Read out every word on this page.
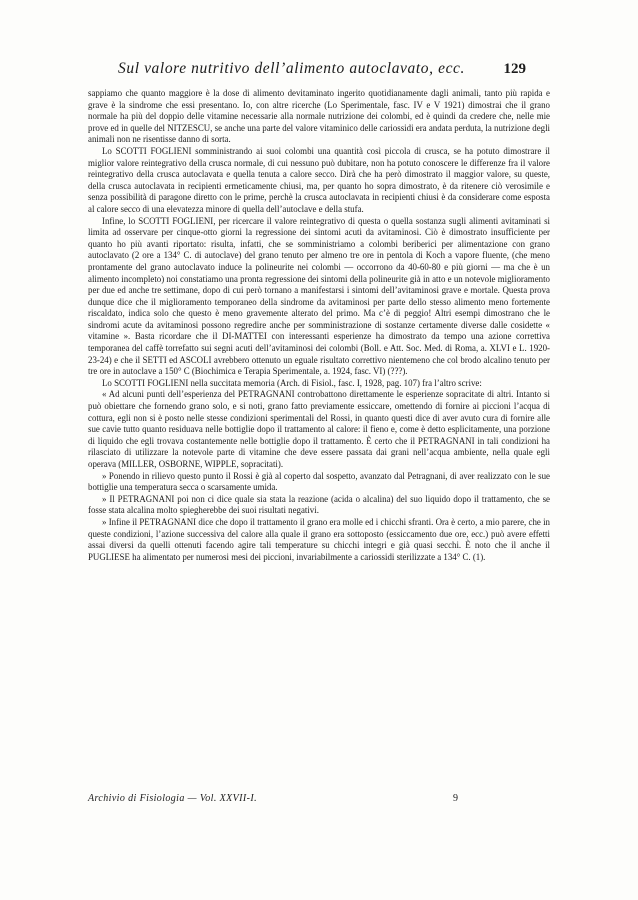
Sul valore nutritivo dell’alimento autoclavato, ecc.	129

sappiamo che quanto maggiore è la dose di alimento devitaminato ingerito quotidianamente dagli animali, tanto più rapida e grave è la sindrome che essi presentano. Io, con altre ricerche (Lo Sperimentale, fasc. IV e V 1921) dimostrai che il grano normale ha più del doppio delle vitamine necessarie alla normale nutrizione dei colombi, ed è quindi da credere che, nelle mie prove ed in quelle del NITZESCU, se anche una parte del valore vitaminico delle cariossidi era andata perduta, la nutrizione degli animali non ne risentisse danno di sorta.

Lo SCOTTI FOGLIENI somministrando ai suoi colombi una quantità così piccola di crusca, se ha potuto dimostrare il miglior valore reintegrativo della crusca normale, di cui nessuno può dubitare, non ha potuto conoscere le differenze fra il valore reintegrativo della crusca autoclavata e quella tenuta a calore secco. Dirà che ha però dimostrato il maggior valore, su queste, della crusca autoclavata in recipienti ermeticamente chiusi, ma, per quanto ho sopra dimostrato, è da ritenere ciò verosimile e senza possibilità di paragone diretto con le prime, perchè la crusca autoclavata in recipienti chiusi è da considerare come esposta al calore secco di una elevatezza minore di quella dell’autoclave e della stufa.

Infine, lo SCOTTI FOGLIENI, per ricercare il valore reintegrativo di questa o quella sostanza sugli alimenti avitaminati si limita ad osservare per cinque-otto giorni la regressione dei sintomi acuti da avitaminosi. Ciò è dimostrato insufficiente per quanto ho più avanti riportato: risulta, infatti, che se somministriamo a colombi beriberici per alimentazione con grano autoclavato (2 ore a 134° C. di autoclave) del grano tenuto per almeno tre ore in pentola di Koch a vapore fluente, (che meno prontamente del grano autoclavato induce la polineurite nei colombi — occorrono da 40-60-80 e più giorni — ma che è un alimento incompleto) noi constatiamo una pronta regressione dei sintomi della polineurite già in atto e un notevole miglioramento per due ed anche tre settimane, dopo di cui però tornano a manifestarsi i sintomi dell’avitaminosi grave e mortale. Questa prova dunque dice che il miglioramento temporaneo della sindrome da avitaminosi per parte dello stesso alimento meno fortemente riscaldato, indica solo che questo è meno gravemente alterato del primo. Ma c’è di peggio! Altri esempi dimostrano che le sindromi acute da avitaminosi possono regredire anche per somministrazione di sostanze certamente diverse dalle cosidette « vitamine ». Basta ricordare che il DI-MATTEI con interessanti esperienze ha dimostrato da tempo una azione correttiva temporanea del caffè torrefatto sui segni acuti dell’avitaminosi dei colombi (Boll. e Att. Soc. Med. di Roma, a. XLVI e L. 1920-23-24) e che il SETTI ed ASCOLI avrebbero ottenuto un eguale risultato correttivo nientemeno che col brodo alcalino tenuto per tre ore in autoclave a 150° C (Biochimica e Terapia Sperimentale, a. 1924, fasc. VI) (???).

Lo SCOTTI FOGLIENI nella succitata memoria (Arch. di Fisiol., fasc. I, 1928, pag. 107) fra l’altro scrive:

« Ad alcuni punti dell’esperienza del PETRAGNANI controbattono direttamente le esperienze sopracitate di altri. Intanto si può obiettare che fornendo grano solo, e si noti, grano fatto previamente essiccare, omettendo di fornire ai piccioni l’acqua di cottura, egli non si è posto nelle stesse condizioni sperimentali del Rossi, in quanto questi dice di aver avuto cura di fornire alle sue cavie tutto quanto residuava nelle bottiglie dopo il trattamento al calore: il fieno e, come è detto esplicitamente, una porzione di liquido che egli trovava costantemente nelle bottiglie dopo il trattamento. È certo che il PETRAGNANI in tali condizioni ha rilasciato di utilizzare la notevole parte di vitamine che deve essere passata dai grani nell’acqua ambiente, nella quale egli operava (MILLER, OSBORNE, WIPPLE, sopracitati).

» Ponendo in rilievo questo punto il Rossi è già al coperto dal sospetto, avanzato dal Petragnani, di aver realizzato con le sue bottiglie una temperatura secca o scarsamente umida.

» Il PETRAGNANI poi non ci dice quale sia stata la reazione (acida o alcalina) del suo liquido dopo il trattamento, che se fosse stata alcalina molto spiegherebbe dei suoi risultati negativi.

» Infine il PETRAGNANI dice che dopo il trattamento il grano era molle ed i chicchi sfranti. Ora è certo, a mio parere, che in queste condizioni, l’azione successiva del calore alla quale il grano era sottoposto (essiccamento due ore, ecc.) può avere effetti assai diversi da quelli ottenuti facendo agire tali temperature su chicchi integri e già quasi secchi. È noto che il anche il PUGLIESE ha alimentato per numerosi mesi dei piccioni, invariabilmente a cariossidi sterilizzate a 134° C. (1).

Archivio di Fisiologia — Vol. XXVII-I.	9
